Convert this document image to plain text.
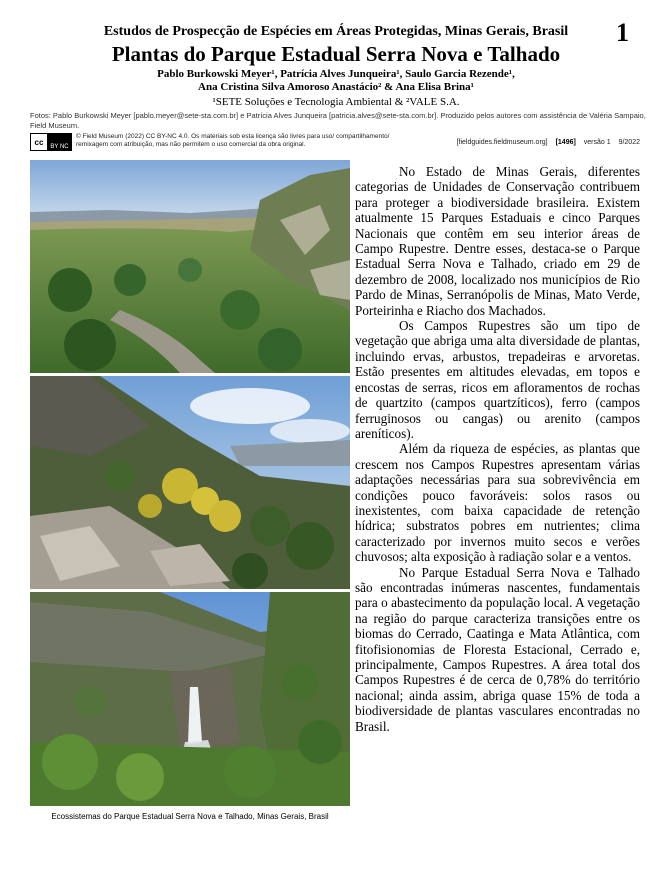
1
Estudos de Prospecção de Espécies em Áreas Protegidas, Minas Gerais, Brasil
Plantas do Parque Estadual Serra Nova e Talhado
Pablo Burkowski Meyer¹, Patrícia Alves Junqueira¹, Saulo Garcia Rezende¹,
Ana Cristina Silva Amoroso Anastácio² & Ana Elisa Brina¹
¹SETE Soluções e Tecnologia Ambiental & ²VALE S.A.
Fotos: Pablo Burkowski Meyer [pablo.meyer@sete-sta.com.br] e Patrícia Alves Junqueira [patricia.alves@sete-sta.com.br]. Produzido pelos autores com assistência de Valéria Sampaio, Field Museum.
cc
BY NC
© Field Museum (2022) CC BY-NC 4.0. Os materiais sob esta licença são livres para uso/ compartilhamento/ remixagem com atribuição, mas não permitem o uso comercial da obra original.	[fieldguides.fieldmuseum.org] [1496] versão 1 9/2022
Ecossistemas do Parque Estadual Serra Nova e Talhado, Minas Gerais, Brasil

No Estado de Minas Gerais, diferentes categorias de Unidades de Conservação contribuem para proteger a biodiversidade brasileira. Existem atualmente 15 Parques Estaduais e cinco Parques Nacionais que contêm em seu interior áreas de Campo Rupestre. Dentre esses, destaca-se o Parque Estadual Serra Nova e Talhado, criado em 29 de dezembro de 2008, localizado nos municípios de Rio Pardo de Minas, Serranópolis de Minas, Mato Verde, Porteirinha e Riacho dos Machados.

Os Campos Rupestres são um tipo de vegetação que abriga uma alta diversidade de plantas, incluindo ervas, arbustos, trepadeiras e arvoretas. Estão presentes em altitudes elevadas, em topos e encostas de serras, ricos em afloramentos de rochas de quartzito (campos quartzíticos), ferro (campos ferruginosos ou cangas) ou arenito (campos areníticos).

Além da riqueza de espécies, as plantas que crescem nos Campos Rupestres apresentam várias adaptações necessárias para sua sobrevivência em condições pouco favoráveis: solos rasos ou inexistentes, com baixa capacidade de retenção hídrica; substratos pobres em nutrientes; clima caracterizado por invernos muito secos e verões chuvosos; alta exposição à radiação solar e a ventos.

No Parque Estadual Serra Nova e Talhado são encontradas inúmeras nascentes, fundamentais para o abastecimento da população local. A vegetação na região do parque caracteriza transições entre os biomas do Cerrado, Caatinga e Mata Atlântica, com fitofisionomias de Floresta Estacional, Cerrado e, principalmente, Campos Rupestres. A área total dos Campos Rupestres é de cerca de 0,78% do território nacional; ainda assim, abriga quase 15% de toda a biodiversidade de plantas vasculares encontradas no Brasil.
